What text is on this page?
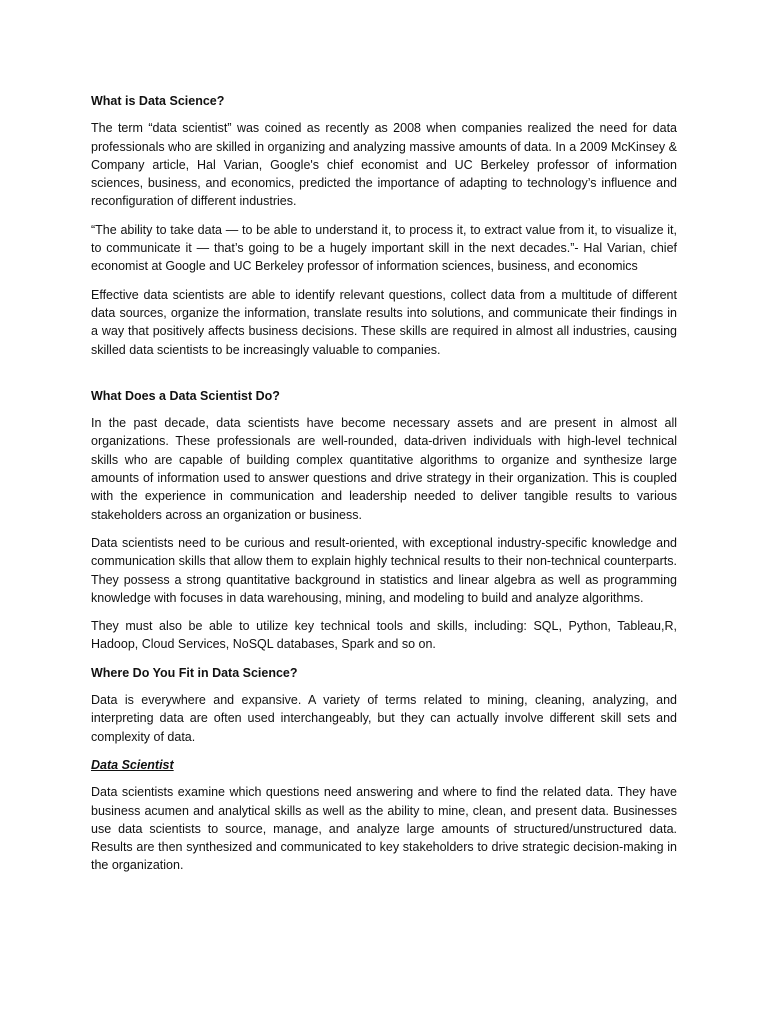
What is Data Science?
The term “data scientist” was coined as recently as 2008 when companies realized the need for data professionals who are skilled in organizing and analyzing massive amounts of data. In a 2009 McKinsey & Company article, Hal Varian, Google's chief economist and UC Berkeley professor of information sciences, business, and economics, predicted the importance of adapting to technology’s influence and reconfiguration of different industries.
“The ability to take data — to be able to understand it, to process it, to extract value from it, to visualize it, to communicate it — that’s going to be a hugely important skill in the next decades.”- Hal Varian, chief economist at Google and UC Berkeley professor of information sciences, business, and economics
Effective data scientists are able to identify relevant questions, collect data from a multitude of different data sources, organize the information, translate results into solutions, and communicate their findings in a way that positively affects business decisions. These skills are required in almost all industries, causing skilled data scientists to be increasingly valuable to companies.
What Does a Data Scientist Do?
In the past decade, data scientists have become necessary assets and are present in almost all organizations. These professionals are well-rounded, data-driven individuals with high-level technical skills who are capable of building complex quantitative algorithms to organize and synthesize large amounts of information used to answer questions and drive strategy in their organization. This is coupled with the experience in communication and leadership needed to deliver tangible results to various stakeholders across an organization or business.
Data scientists need to be curious and result-oriented, with exceptional industry-specific knowledge and communication skills that allow them to explain highly technical results to their non-technical counterparts. They possess a strong quantitative background in statistics and linear algebra as well as programming knowledge with focuses in data warehousing, mining, and modeling to build and analyze algorithms.
They must also be able to utilize key technical tools and skills, including: SQL, Python, Tableau,R, Hadoop, Cloud Services, NoSQL databases, Spark and so on.
Where Do You Fit in Data Science?
Data is everywhere and expansive. A variety of terms related to mining, cleaning, analyzing, and interpreting data are often used interchangeably, but they can actually involve different skill sets and complexity of data.
Data Scientist
Data scientists examine which questions need answering and where to find the related data. They have business acumen and analytical skills as well as the ability to mine, clean, and present data. Businesses use data scientists to source, manage, and analyze large amounts of structured/unstructured data. Results are then synthesized and communicated to key stakeholders to drive strategic decision-making in the organization.
